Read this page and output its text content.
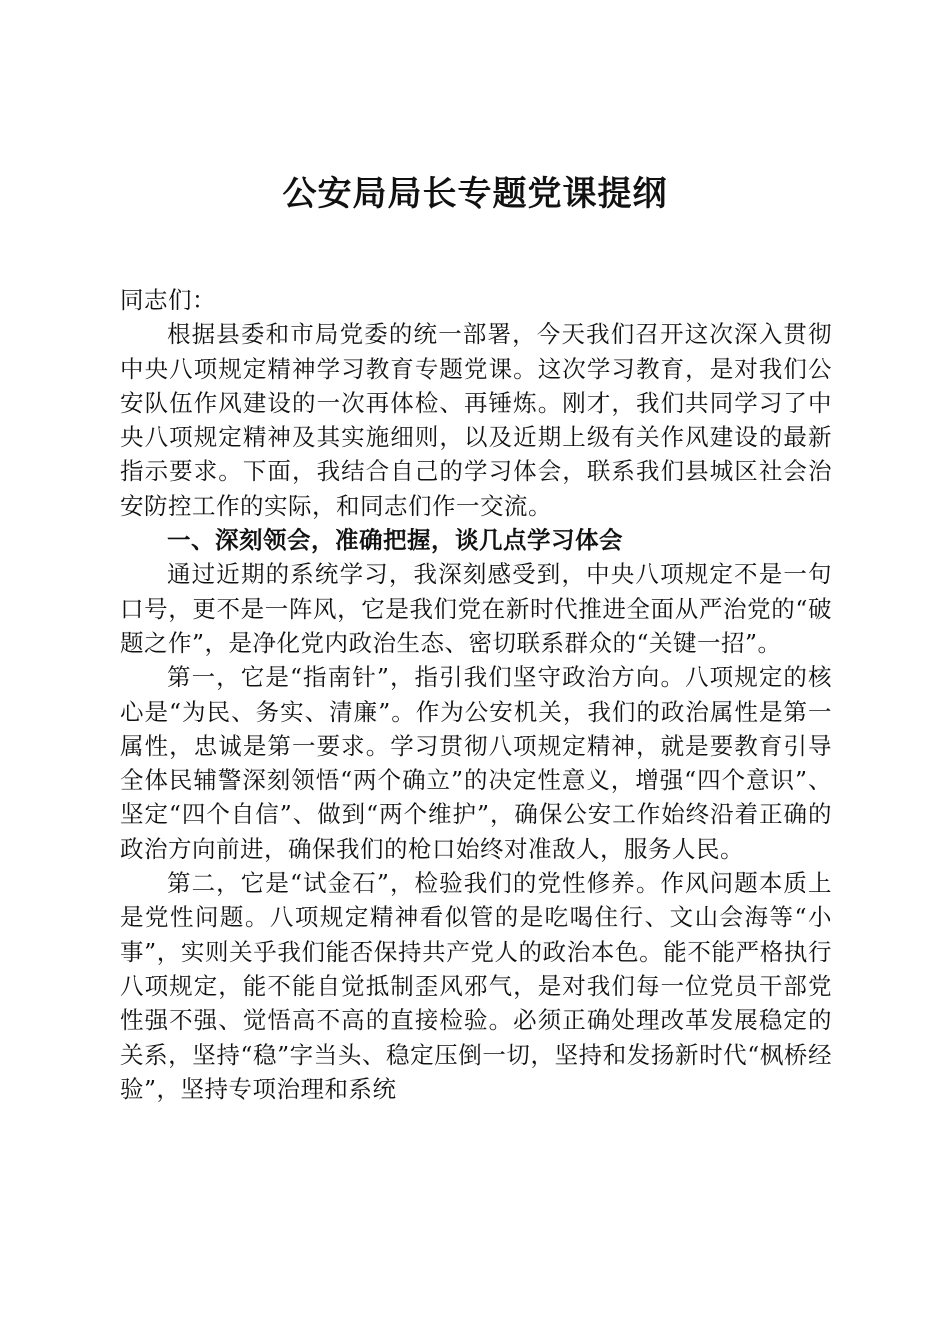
公安局局长专题党课提纲

同志们：

根据县委和市局党委的统一部署，今天我们召开这次深入贯彻中央八项规定精神学习教育专题党课。这次学习教育，是对我们公安队伍作风建设的一次再体检、再锤炼。刚才，我们共同学习了中央八项规定精神及其实施细则，以及近期上级有关作风建设的最新指示要求。下面，我结合自己的学习体会，联系我们县城区社会治安防控工作的实际，和同志们作一交流。

一、深刻领会，准确把握，谈几点学习体会

通过近期的系统学习，我深刻感受到，中央八项规定不是一句口号，更不是一阵风，它是我们党在新时代推进全面从严治党的“破题之作”，是净化党内政治生态、密切联系群众的“关键一招”。

第一，它是“指南针”，指引我们坚守政治方向。八项规定的核心是“为民、务实、清廉”。作为公安机关，我们的政治属性是第一属性，忠诚是第一要求。学习贯彻八项规定精神，就是要教育引导全体民辅警深刻领悟“两个确立”的决定性意义，增强“四个意识”、坚定“四个自信”、做到“两个维护”，确保公安工作始终沿着正确的政治方向前进，确保我们的枪口始终对准敌人，服务人民。

第二，它是“试金石”，检验我们的党性修养。作风问题本质上是党性问题。八项规定精神看似管的是吃喝住行、文山会海等“小事”，实则关乎我们能否保持共产党人的政治本色。能不能严格执行八项规定，能不能自觉抵制歪风邪气，是对我们每一位党员干部党性强不强、觉悟高不高的直接检验。必须正确处理改革发展稳定的关系，坚持“稳”字当头、稳定压倒一切，坚持和发扬新时代“枫桥经验”，坚持专项治理和系统
